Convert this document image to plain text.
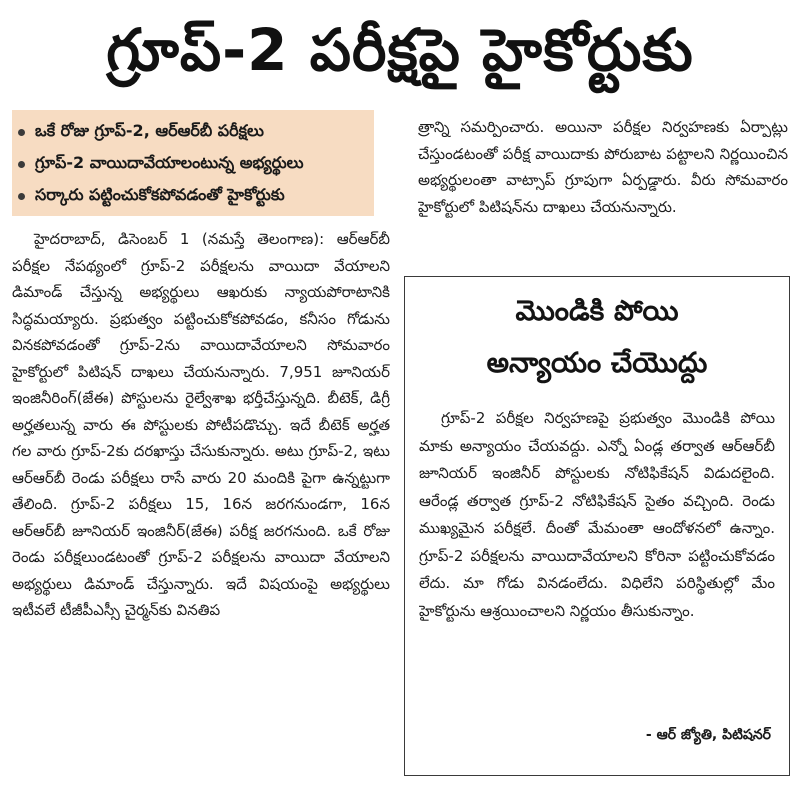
గ్రూప్‌-2 పరీక్షపై హైకోర్టుకు
ఒకే రోజు గ్రూప్‌-2, ఆర్‌ఆర్‌బీ పరీక్షలు
గ్రూప్‌-2 వాయిదావేయాలంటున్న అభ్యర్థులు
సర్కారు పట్టించుకోకపోవడంతో హైకోర్టుకు

హైదరాబాద్‌, డిసెంబర్‌ 1 (నమస్తే తెలంగాణ): ఆర్‌ఆర్‌బీ పరీక్షల నేపథ్యంలో గ్రూప్‌-2 పరీక్షలను వాయిదా వేయాలని డిమాండ్‌ చేస్తున్న అభ్యర్థులు ఆఖరుకు న్యాయపోరాటానికి సిద్ధమయ్యారు. ప్రభుత్వం పట్టించుకోకపోవడం, కనీసం గోడును వినకపోవడంతో గ్రూప్‌-2ను వాయిదావేయాలని సోమవారం హైకోర్టులో పిటిషన్‌ దాఖలు చేయనున్నారు. 7,951 జూనియర్‌ ఇంజినీరింగ్‌(జేఈ) పోస్టులను రైల్వేశాఖ భర్తీచేస్తున్నది. బీటెక్‌, డిగ్రీ అర్హతలున్న వారు ఈ పోస్టులకు పోటీపడొచ్చు. ఇదే బీటెక్‌ అర్హత గల వారు గ్రూప్‌-2కు దరఖాస్తు చేసుకున్నారు. అటు గ్రూప్‌-2, ఇటు ఆర్‌ఆర్‌బీ రెండు పరీక్షలు రాసే వారు 20 మందికి పైగా ఉన్నట్టుగా తేలింది. గ్రూప్‌-2 పరీక్షలు 15, 16న జరగనుండగా, 16న ఆర్‌ఆర్‌బీ జూనియర్‌ ఇంజినీర్‌(జేఈ) పరీక్ష జరగనుంది. ఒకే రోజు రెండు పరీక్షలుండటంతో గ్రూప్‌-2 పరీక్షలను వాయిదా వేయాలని అభ్యర్థులు డిమాండ్‌ చేస్తున్నారు. ఇదే విషయంపై అభ్యర్థులు ఇటీవలే టీజీపీఎస్సీ చైర్మన్‌కు వినతిప

త్రాన్ని సమర్పించారు. అయినా పరీక్షల నిర్వహణకు ఏర్పాట్లు చేస్తుండటంతో పరీక్ష వాయిదాకు పోరుబాట పట్టాలని నిర్ణయించిన అభ్యర్థులంతా వాట్సాప్‌ గ్రూపుగా ఏర్పడ్డారు. వీరు సోమవారం హైకోర్టులో పిటిషన్‌ను దాఖలు చేయనున్నారు.

మొండికి పోయి
అన్యాయం చేయొద్దు

గ్రూప్‌-2 పరీక్షల నిర్వహణపై ప్రభుత్వం మొండికి పోయి మాకు అన్యాయం చేయవద్దు. ఎన్నో ఏండ్ల తర్వాత ఆర్‌ఆర్‌బీ జూనియర్‌ ఇంజినీర్‌ పోస్టులకు నోటిఫికేషన్‌ విడుదలైంది. ఆరేండ్ల తర్వాత గ్రూప్‌-2 నోటిఫికేషన్‌ సైతం వచ్చింది. రెండు ముఖ్యమైన పరీక్షలే. దీంతో మేమంతా ఆందోళనలో ఉన్నాం. గ్రూప్‌-2 పరీక్షలను వాయిదావేయాలని కోరినా పట్టించుకోవడం లేదు. మా గోడు వినడంలేదు. విధిలేని పరిస్థితుల్లో మేం హైకోర్టును ఆశ్రయించాలని నిర్ణయం తీసుకున్నాం.

- ఆర్‌ జ్యోతి, పిటిషనర్‌
